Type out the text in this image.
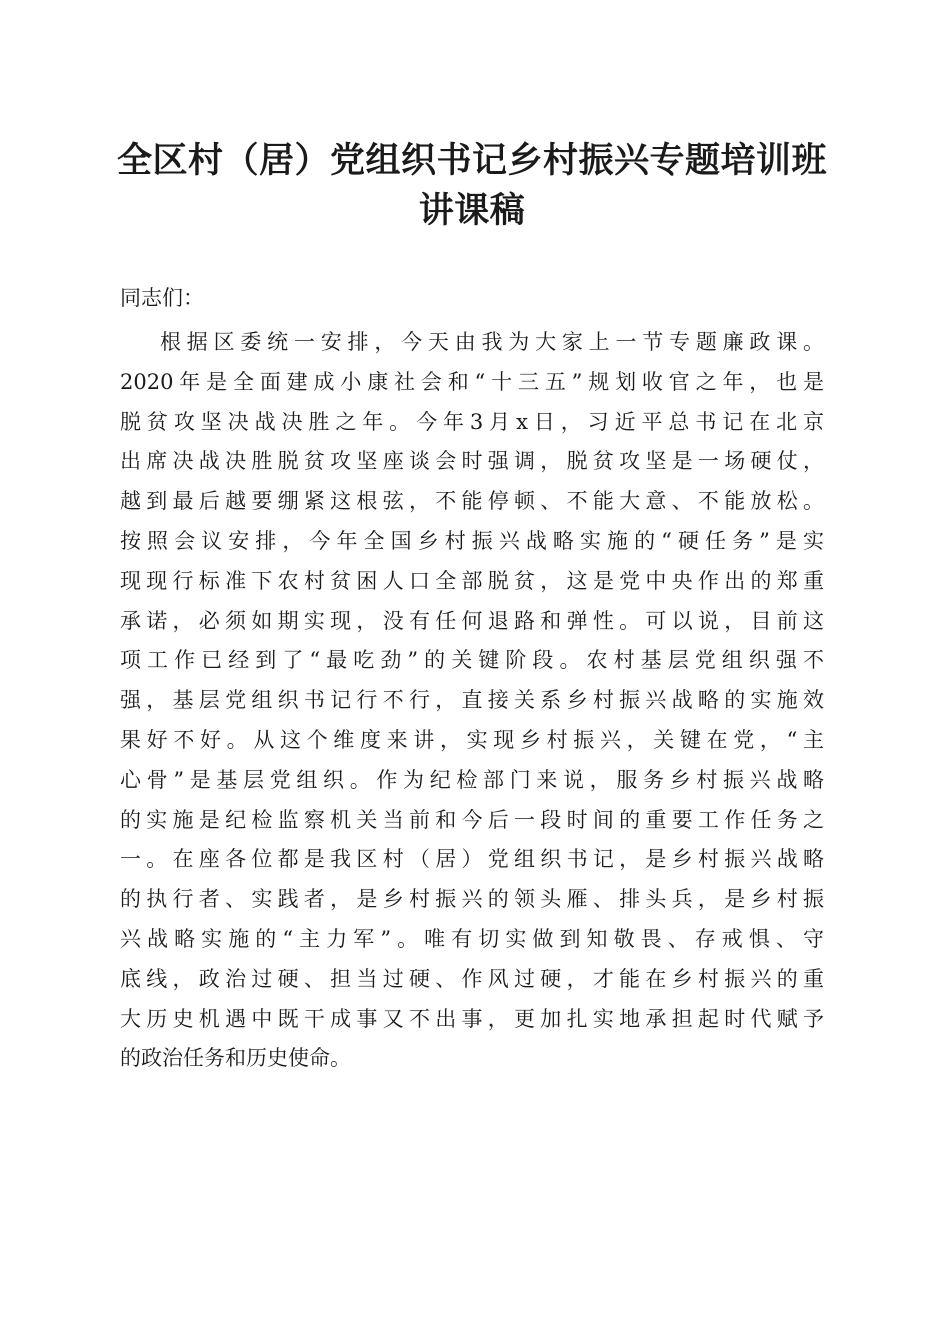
全区村（居）党组织书记乡村振兴专题培训班
讲课稿
同志们：
根据区委统一安排，今天由我为大家上一节专题廉政课。
2020年是全面建成小康社会和“十三五”规划收官之年，也是
脱贫攻坚决战决胜之年。今年3月x日，习近平总书记在北京
出席决战决胜脱贫攻坚座谈会时强调，脱贫攻坚是一场硬仗，
越到最后越要绷紧这根弦，不能停顿、不能大意、不能放松。
按照会议安排，今年全国乡村振兴战略实施的“硬任务”是实
现现行标准下农村贫困人口全部脱贫，这是党中央作出的郑重
承诺，必须如期实现，没有任何退路和弹性。可以说，目前这
项工作已经到了“最吃劲”的关键阶段。农村基层党组织强不
强，基层党组织书记行不行，直接关系乡村振兴战略的实施效
果好不好。从这个维度来讲，实现乡村振兴，关键在党，“主
心骨”是基层党组织。作为纪检部门来说，服务乡村振兴战略
的实施是纪检监察机关当前和今后一段时间的重要工作任务之
一。在座各位都是我区村（居）党组织书记，是乡村振兴战略
的执行者、实践者，是乡村振兴的领头雁、排头兵，是乡村振
兴战略实施的“主力军”。唯有切实做到知敬畏、存戒惧、守
底线，政治过硬、担当过硬、作风过硬，才能在乡村振兴的重
大历史机遇中既干成事又不出事，更加扎实地承担起时代赋予
的政治任务和历史使命。
